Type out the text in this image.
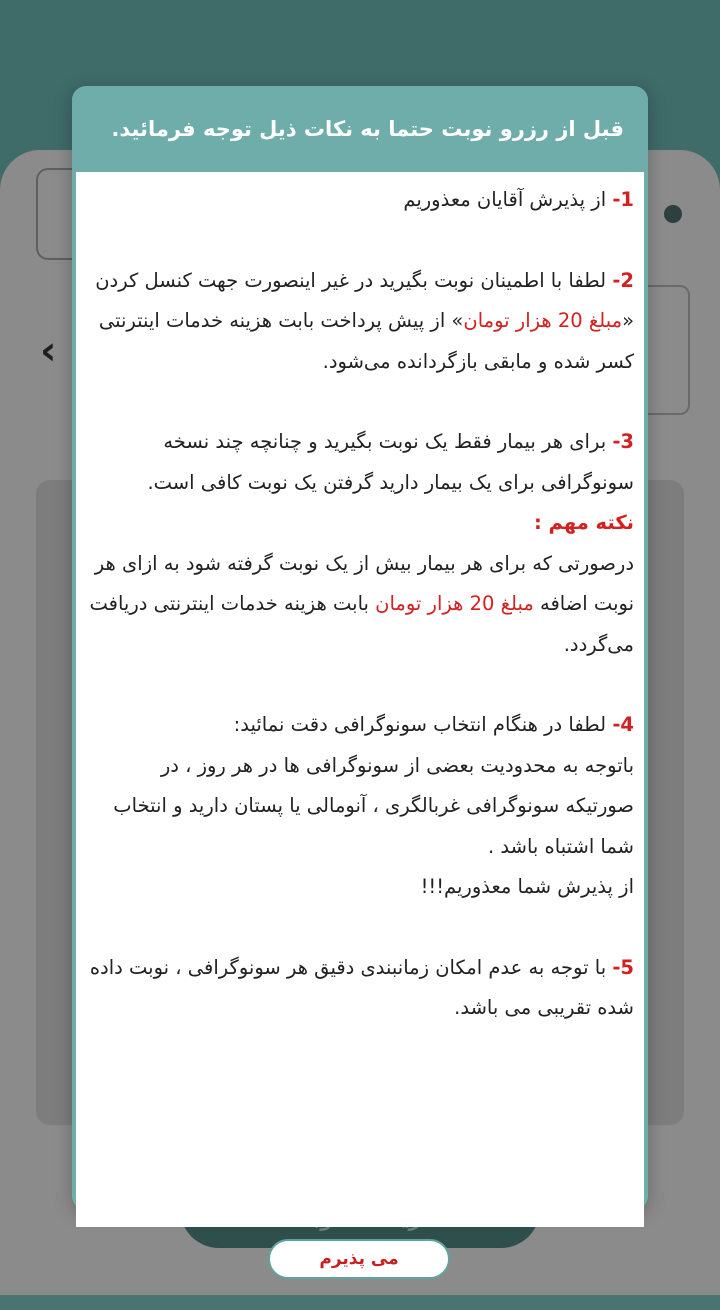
‹
قبل از رزرو نوبت حتما به نکات ذیل توجه فرمائید.
1- از پذیرش آقایان معذوریم
2- لطفا با اطمینان نوبت بگیرید در غیر اینصورت جهت کنسل کردن «مبلغ 20 هزار تومان» از پیش پرداخت بابت هزینه خدمات اینترنتی کسر شده و مابقی بازگردانده می‌شود.
3- برای هر بیمار فقط یک نوبت بگیرید و چنانچه چند نسخه سونوگرافی برای یک بیمار دارید گرفتن یک نوبت کافی است.
نکته مهم :
درصورتی که برای هر بیمار بیش از یک نوبت گرفته شود به ازای هر نوبت اضافه مبلغ 20 هزار تومان بابت هزینه خدمات اینترنتی دریافت می‌گردد.
4- لطفا در هنگام انتخاب سونوگرافی دقت نمائید:
باتوجه به محدودیت بعضی از سونوگرافی ها در هر روز ، در صورتیکه سونوگرافی غربالگری ، آنومالی یا پستان دارید و انتخاب شما اشتباه باشد .
از پذیرش شما معذوریم!!!
5- با توجه به عدم امکان زمانبندی دقیق هر سونوگرافی ، نوبت داده شده تقریبی می باشد.
می پذیرم
